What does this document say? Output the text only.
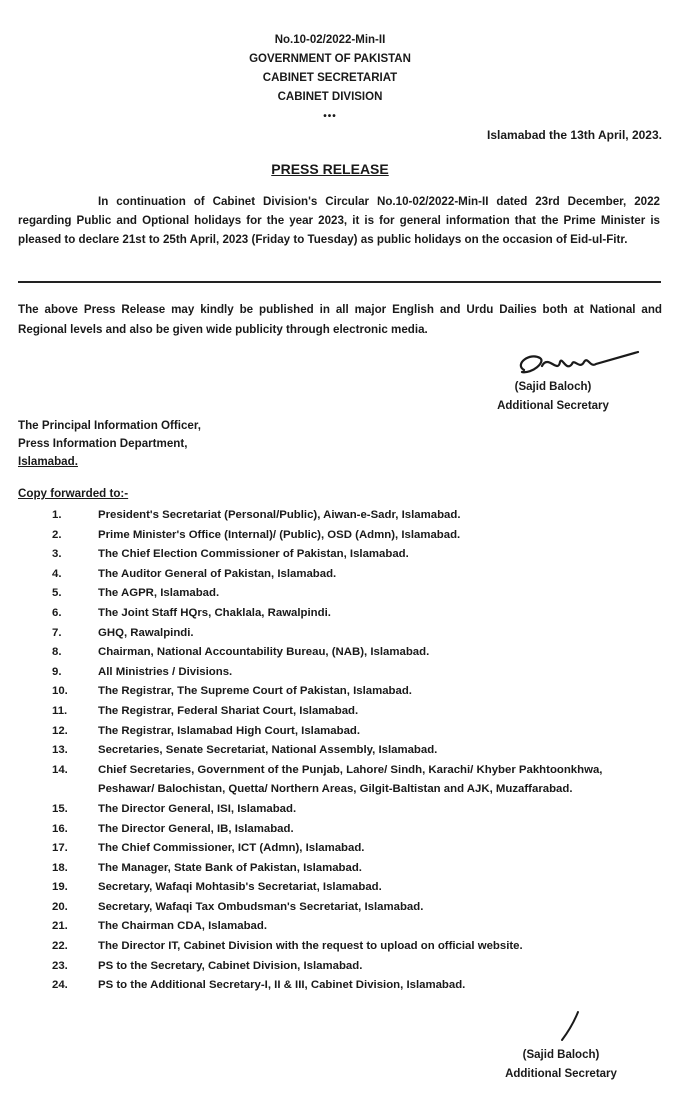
No.10-02/2022-Min-II
GOVERNMENT OF PAKISTAN
CABINET SECRETARIAT
CABINET DIVISION
•••
Islamabad the 13th April, 2023.
PRESS RELEASE
In continuation of Cabinet Division's Circular No.10-02/2022-Min-II dated 23rd December, 2022 regarding Public and Optional holidays for the year 2023, it is for general information that the Prime Minister is pleased to declare 21st to 25th April, 2023 (Friday to Tuesday) as public holidays on the occasion of Eid-ul-Fitr.
The above Press Release may kindly be published in all major English and Urdu Dailies both at National and Regional levels and also be given wide publicity through electronic media.
(Sajid Baloch)
Additional Secretary
The Principal Information Officer,
Press Information Department,
Islamabad.
Copy forwarded to:-
1.	President's Secretariat (Personal/Public), Aiwan-e-Sadr, Islamabad.
2.	Prime Minister's Office (Internal)/ (Public), OSD (Admn), Islamabad.
3.	The Chief Election Commissioner of Pakistan, Islamabad.
4.	The Auditor General of Pakistan, Islamabad.
5.	The AGPR, Islamabad.
6.	The Joint Staff HQrs, Chaklala, Rawalpindi.
7.	GHQ, Rawalpindi.
8.	Chairman, National Accountability Bureau, (NAB), Islamabad.
9.	All Ministries / Divisions.
10.	The Registrar, The Supreme Court of Pakistan, Islamabad.
11.	The Registrar, Federal Shariat Court, Islamabad.
12.	The Registrar, Islamabad High Court, Islamabad.
13.	Secretaries, Senate Secretariat, National Assembly, Islamabad.
14.	Chief Secretaries, Government of the Punjab, Lahore/ Sindh, Karachi/ Khyber Pakhtoonkhwa, Peshawar/ Balochistan, Quetta/ Northern Areas, Gilgit-Baltistan and AJK, Muzaffarabad.
15.	The Director General, ISI, Islamabad.
16.	The Director General, IB, Islamabad.
17.	The Chief Commissioner, ICT (Admn), Islamabad.
18.	The Manager, State Bank of Pakistan, Islamabad.
19.	Secretary, Wafaqi Mohtasib's Secretariat, Islamabad.
20.	Secretary, Wafaqi Tax Ombudsman's Secretariat, Islamabad.
21.	The Chairman CDA, Islamabad.
22.	The Director IT, Cabinet Division with the request to upload on official website.
23.	PS to the Secretary, Cabinet Division, Islamabad.
24.	PS to the Additional Secretary-I, II & III, Cabinet Division, Islamabad.
(Sajid Baloch)
Additional Secretary
